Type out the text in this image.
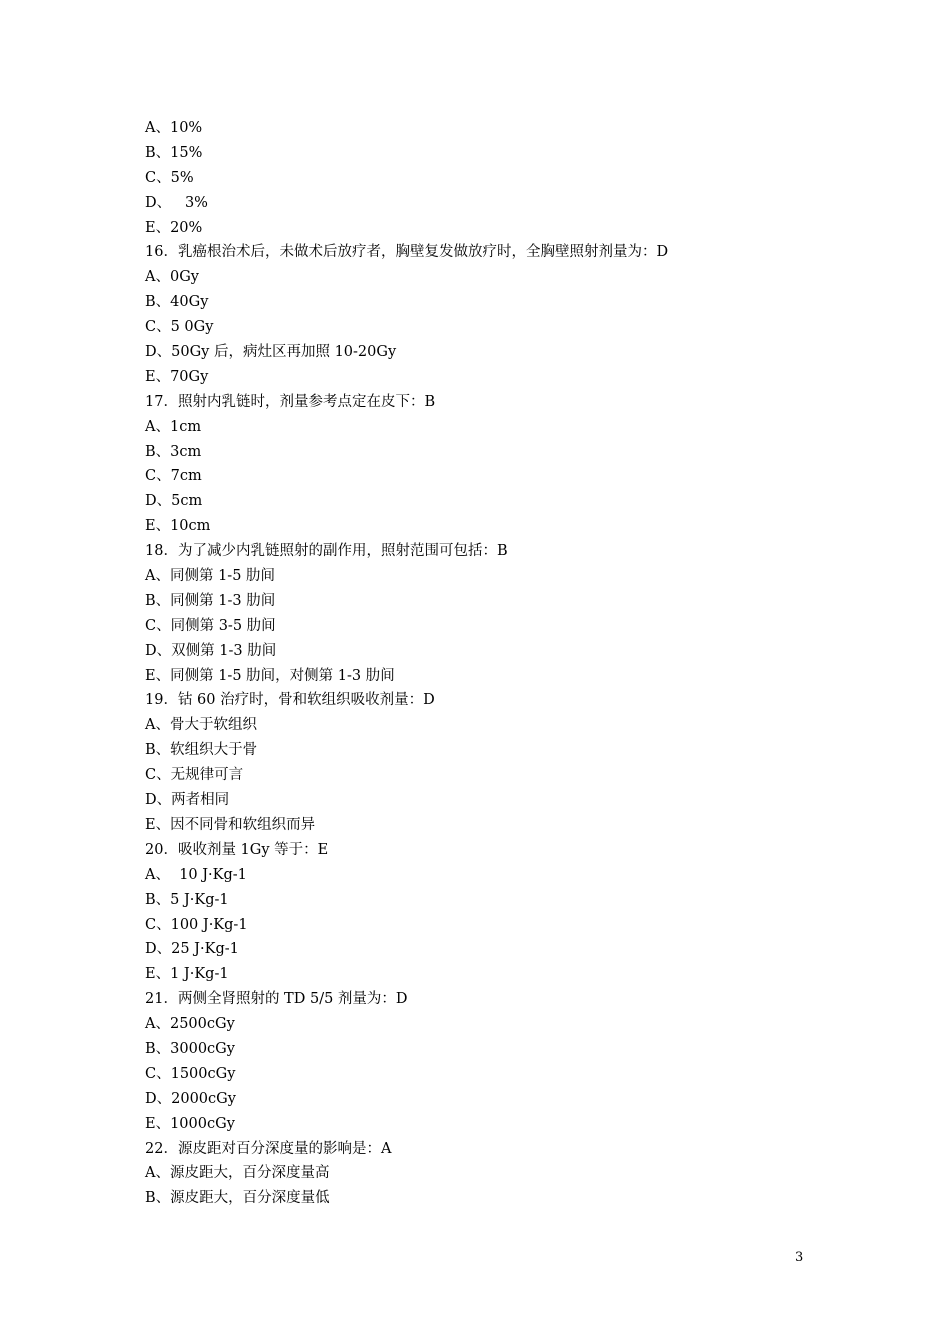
A、10%
B、15%
C、5%
D、   3%
E、20%
16．乳癌根治术后，未做术后放疗者，胸壁复发做放疗时，全胸壁照射剂量为：D
A、0Gy
B、40Gy
C、5 0Gy
D、50Gy 后，病灶区再加照 10-20Gy
E、70Gy
17．照射内乳链时，剂量参考点定在皮下：B
A、1cm
B、3cm
C、7cm
D、5cm
E、10cm
18．为了减少内乳链照射的副作用，照射范围可包括：B
A、同侧第 1-5 肋间
B、同侧第 1-3 肋间
C、同侧第 3-5 肋间
D、双侧第 1-3 肋间
E、同侧第 1-5 肋间，对侧第 1-3 肋间
19．钴 60 治疗时，骨和软组织吸收剂量：D
A、骨大于软组织
B、软组织大于骨
C、无规律可言
D、两者相同
E、因不同骨和软组织而异
20．吸收剂量 1Gy 等于：E
A、  10 J·Kg-1
B、5 J·Kg-1
C、100 J·Kg-1
D、25 J·Kg-1
E、1 J·Kg-1
21．两侧全肾照射的 TD 5/5 剂量为：D
A、2500cGy
B、3000cGy
C、1500cGy
D、2000cGy
E、1000cGy
22．源皮距对百分深度量的影响是：A
A、源皮距大，百分深度量高
B、源皮距大，百分深度量低
3
